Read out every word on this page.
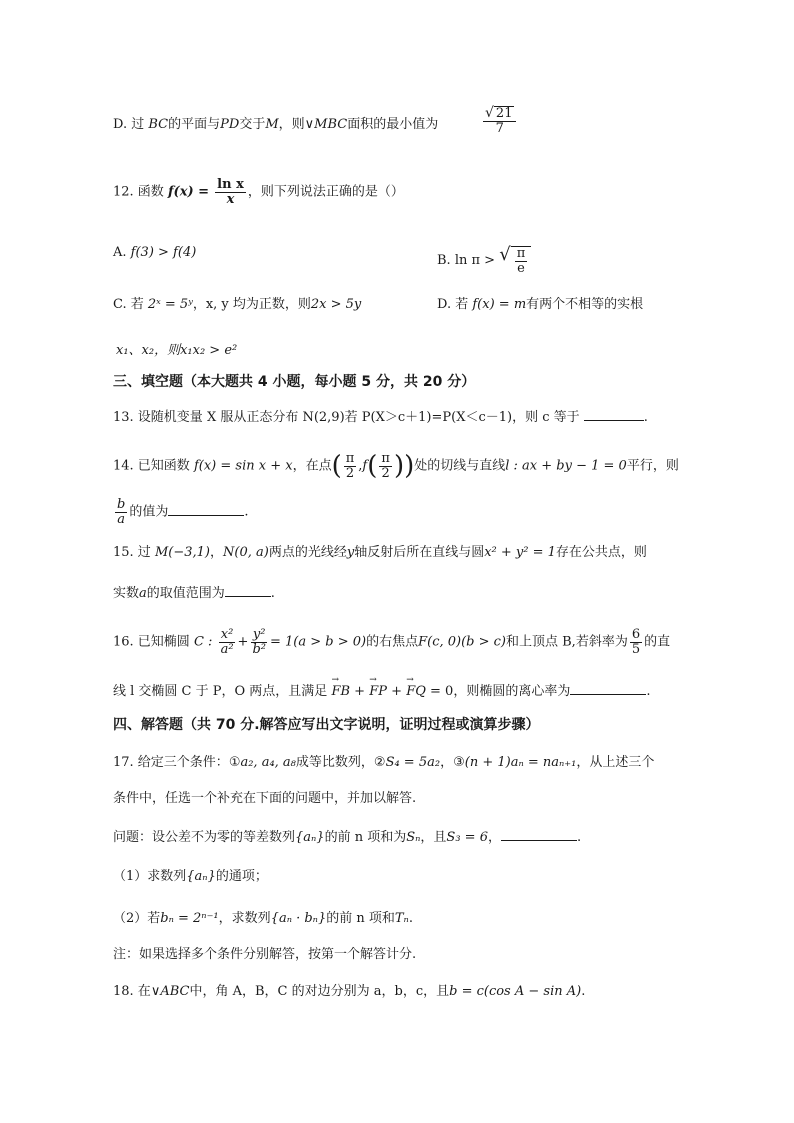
D. 过 BC的平面与PD交于M，则∨MBC面积的最小值为	$\frac{√ 21}{7}$
12. 函数 $f(x) = \frac{\text{ln x}}{x}$ ，则下列说法正确的是（）
A. f(3) > f(4)
B. ln π > √ $\frac{\pi}{e}$
C. 若 2ˣ = 5ʸ，x, y 均为正数，则2x > 5y	D. 若 f(x) = m有两个不相等的实根
x₁、x₂，则x₁x₂ > e²
三、填空题（本大题共 4 小题，每小题 5 分，共 20 分）
13. 设随机变量 X 服从正态分布 N(2,9)若 P(X＞c＋1)=P(X＜c－1)，则 c 等于	.
14. 已知函数 f(x) = sin x + x，在点( $\frac{\pi}{2} ,f( \frac{\pi}{2}$ ))处的切线与直线l : ax + by − 1 = 0平行，则
$\frac{b}{a}$ 的值为	.
15. 过 M(−3,1)，N(0, a)两点的光线经y轴反射后所在直线与圆x² + y² = 1存在公共点，则
实数a的取值范围为	.
16. 已知椭圆 C : $\frac{\text{x²}}{\text{a²}} + \frac{\text{y²}}{\text{b²}} = 1(a > b > 0)$的右焦点F(c, 0)(b > c)和上顶点 B,若斜率为 $\frac{6}{5}$ 的直
线 l 交椭圆 C 于 P，O 两点，且满足 → FB + → FP + → FQ = 0，则椭圆的离心率为	.
四、解答题（共 70 分.解答应写出文字说明，证明过程或演算步骤）
17. 给定三个条件：①a₂, a₄, a₈成等比数列，②S₄ = 5a₂，③(n + 1)aₙ = naₙ₊₁，从上述三个
条件中，任选一个补充在下面的问题中，并加以解答.
问题：设公差不为零的等差数列{aₙ}的前 n 项和为Sₙ，且S₃ = 6，	.
（1）求数列{aₙ}的通项；
（2）若bₙ = 2ⁿ⁻¹，求数列{aₙ · bₙ}的前 n 项和Tₙ.
注：如果选择多个条件分别解答，按第一个解答计分.
18. 在∨ABC中，角 A，B，C 的对边分别为 a，b，c，且b = c(cos A − sin A).
